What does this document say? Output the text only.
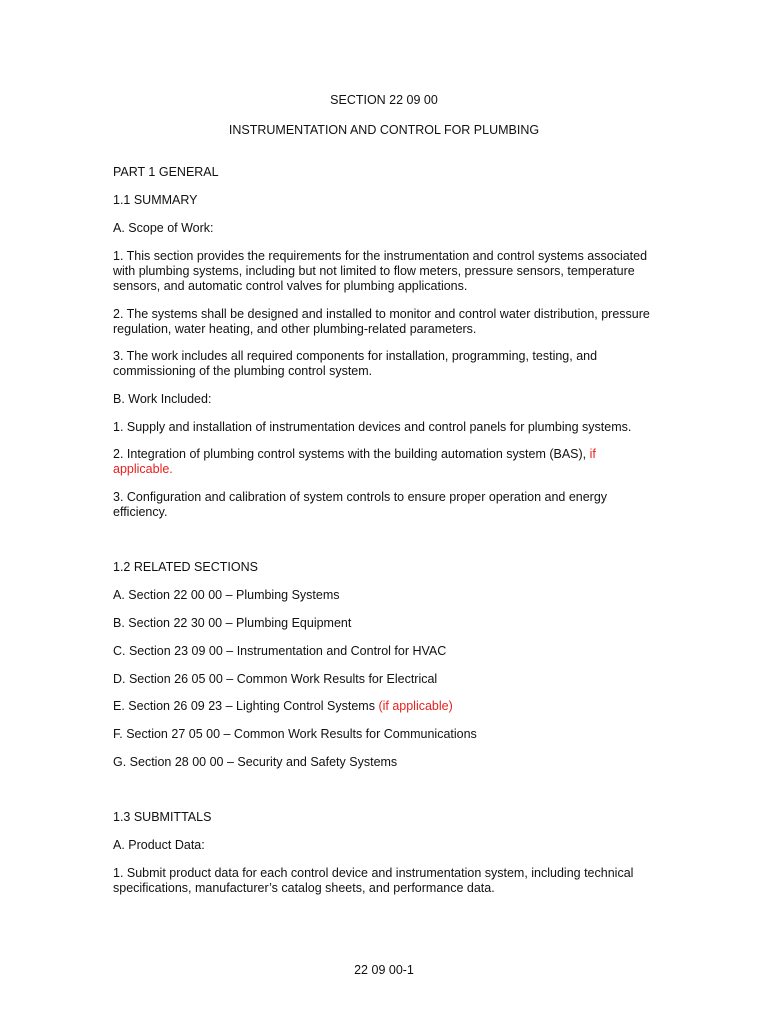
SECTION 22 09 00
INSTRUMENTATION AND CONTROL FOR PLUMBING

PART 1 GENERAL

1.1 SUMMARY

A. Scope of Work:

1. This section provides the requirements for the instrumentation and control systems associated with plumbing systems, including but not limited to flow meters, pressure sensors, temperature sensors, and automatic control valves for plumbing applications.

2. The systems shall be designed and installed to monitor and control water distribution, pressure regulation, water heating, and other plumbing-related parameters.

3. The work includes all required components for installation, programming, testing, and commissioning of the plumbing control system.

B. Work Included:

1. Supply and installation of instrumentation devices and control panels for plumbing systems.

2. Integration of plumbing control systems with the building automation system (BAS), if applicable.

3. Configuration and calibration of system controls to ensure proper operation and energy efficiency.

1.2 RELATED SECTIONS

A. Section 22 00 00 – Plumbing Systems

B. Section 22 30 00 – Plumbing Equipment

C. Section 23 09 00 – Instrumentation and Control for HVAC

D. Section 26 05 00 – Common Work Results for Electrical

E. Section 26 09 23 – Lighting Control Systems (if applicable)

F. Section 27 05 00 – Common Work Results for Communications

G. Section 28 00 00 – Security and Safety Systems

1.3 SUBMITTALS

A. Product Data:

1. Submit product data for each control device and instrumentation system, including technical specifications, manufacturer’s catalog sheets, and performance data.

22 09 00-1
